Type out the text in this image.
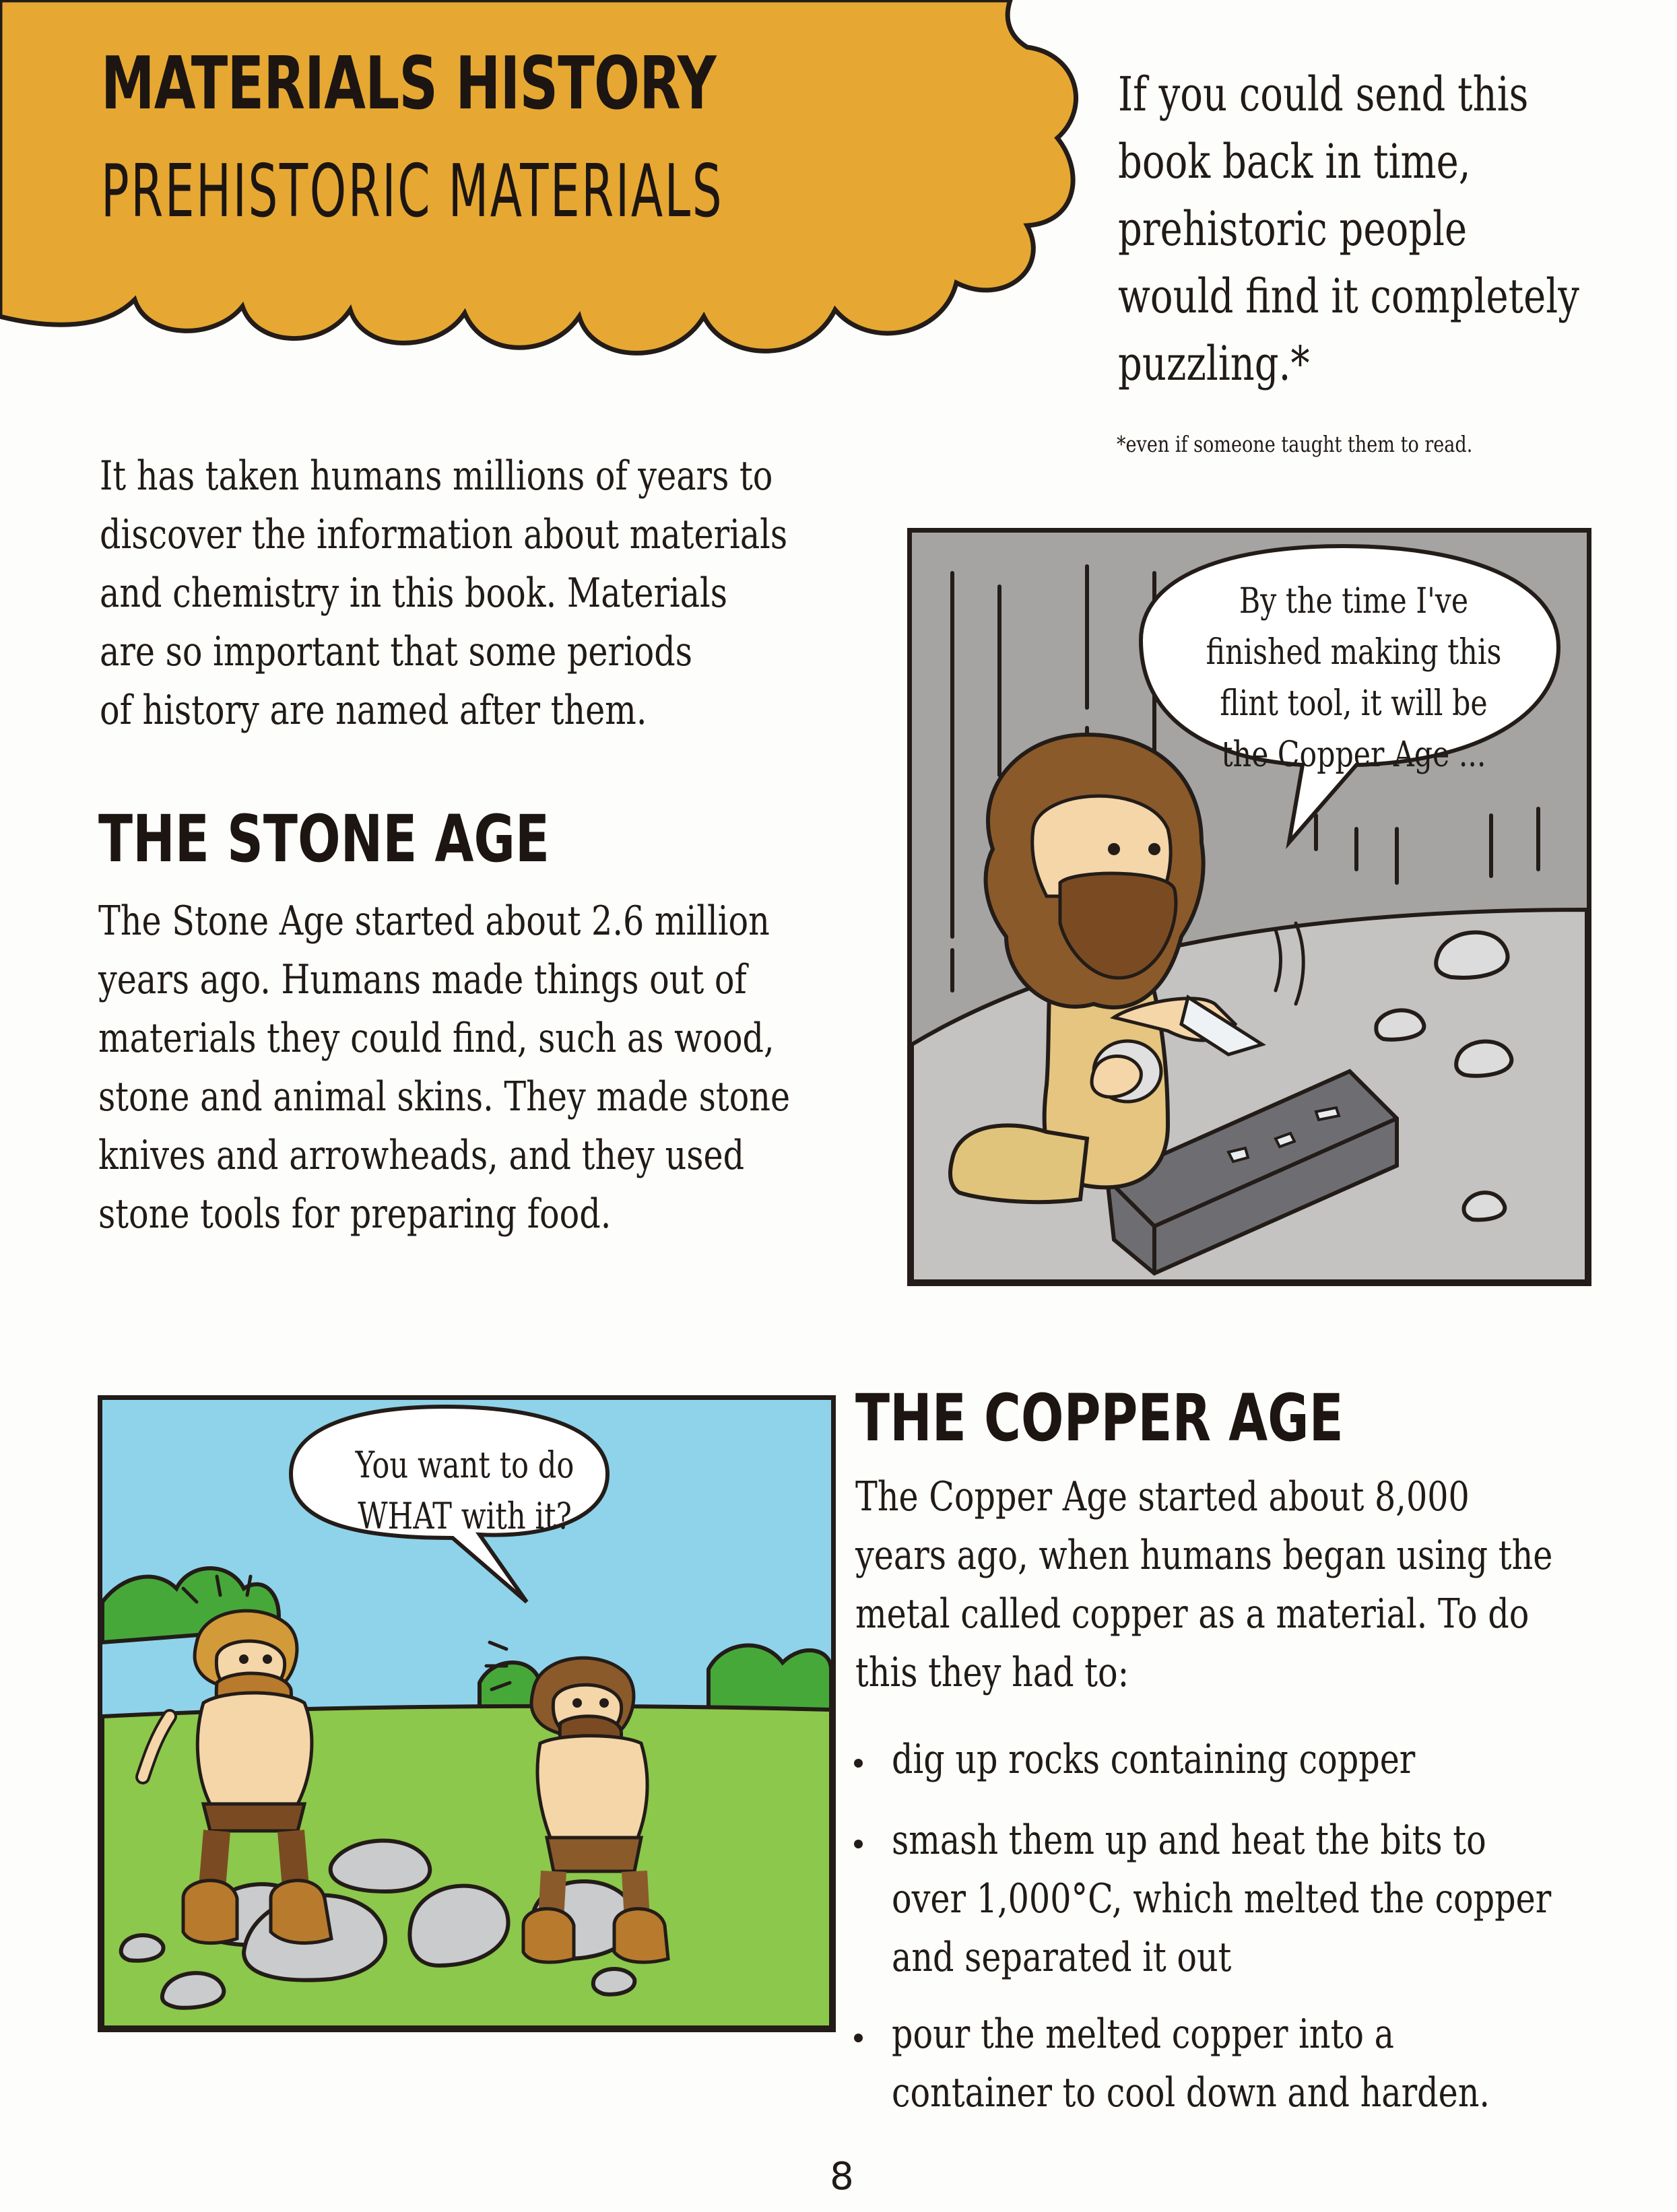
MATERIALS HISTORY
PREHISTORIC MATERIALS
If you could send this
book back in time,
prehistoric people
would find it completely
puzzling.*
*even if someone taught them to read.
It has taken humans millions of years to
discover the information about materials
and chemistry in this book. Materials
are so important that some periods
of history are named after them.
THE STONE AGE
The Stone Age started about 2.6 million
years ago. Humans made things out of
materials they could find, such as wood,
stone and animal skins. They made stone
knives and arrowheads, and they used
stone tools for preparing food.
By the time I've
finished making this
flint tool, it will be
the Copper Age ...
You want to do
WHAT with it?
THE COPPER AGE
The Copper Age started about 8,000
years ago, when humans began using the
metal called copper as a material. To do
this they had to:
dig up rocks containing copper
smash them up and heat the bits to
over 1,000°C, which melted the copper
and separated it out
pour the melted copper into a
container to cool down and harden.
8
